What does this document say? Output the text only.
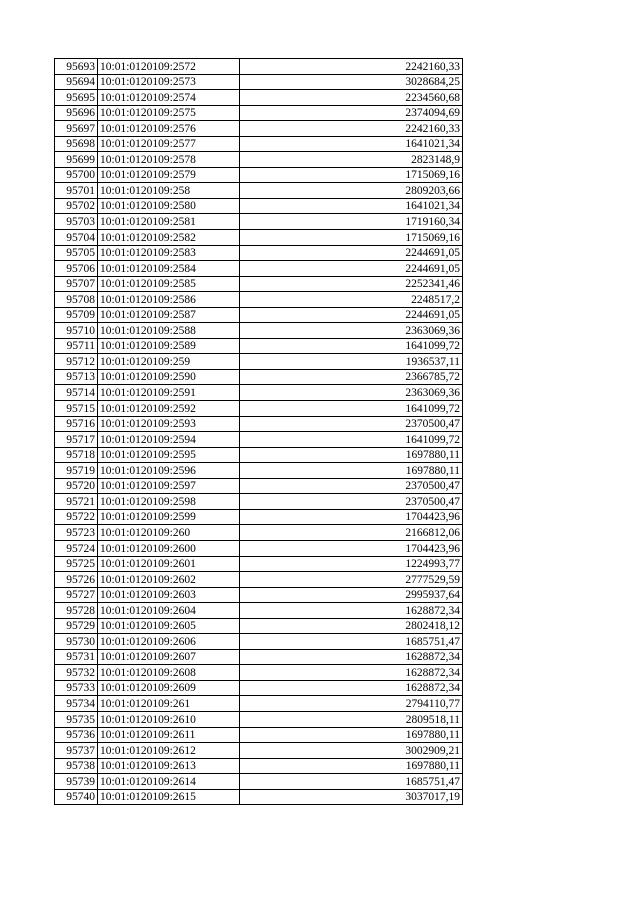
95693	10:01:0120109:2572	2242160,33
95694	10:01:0120109:2573	3028684,25
95695	10:01:0120109:2574	2234560,68
95696	10:01:0120109:2575	2374094,69
95697	10:01:0120109:2576	2242160,33
95698	10:01:0120109:2577	1641021,34
95699	10:01:0120109:2578	2823148,9
95700	10:01:0120109:2579	1715069,16
95701	10:01:0120109:258	2809203,66
95702	10:01:0120109:2580	1641021,34
95703	10:01:0120109:2581	1719160,34
95704	10:01:0120109:2582	1715069,16
95705	10:01:0120109:2583	2244691,05
95706	10:01:0120109:2584	2244691,05
95707	10:01:0120109:2585	2252341,46
95708	10:01:0120109:2586	2248517,2
95709	10:01:0120109:2587	2244691,05
95710	10:01:0120109:2588	2363069,36
95711	10:01:0120109:2589	1641099,72
95712	10:01:0120109:259	1936537,11
95713	10:01:0120109:2590	2366785,72
95714	10:01:0120109:2591	2363069,36
95715	10:01:0120109:2592	1641099,72
95716	10:01:0120109:2593	2370500,47
95717	10:01:0120109:2594	1641099,72
95718	10:01:0120109:2595	1697880,11
95719	10:01:0120109:2596	1697880,11
95720	10:01:0120109:2597	2370500,47
95721	10:01:0120109:2598	2370500,47
95722	10:01:0120109:2599	1704423,96
95723	10:01:0120109:260	2166812,06
95724	10:01:0120109:2600	1704423,96
95725	10:01:0120109:2601	1224993,77
95726	10:01:0120109:2602	2777529,59
95727	10:01:0120109:2603	2995937,64
95728	10:01:0120109:2604	1628872,34
95729	10:01:0120109:2605	2802418,12
95730	10:01:0120109:2606	1685751,47
95731	10:01:0120109:2607	1628872,34
95732	10:01:0120109:2608	1628872,34
95733	10:01:0120109:2609	1628872,34
95734	10:01:0120109:261	2794110,77
95735	10:01:0120109:2610	2809518,11
95736	10:01:0120109:2611	1697880,11
95737	10:01:0120109:2612	3002909,21
95738	10:01:0120109:2613	1697880,11
95739	10:01:0120109:2614	1685751,47
95740	10:01:0120109:2615	3037017,19
